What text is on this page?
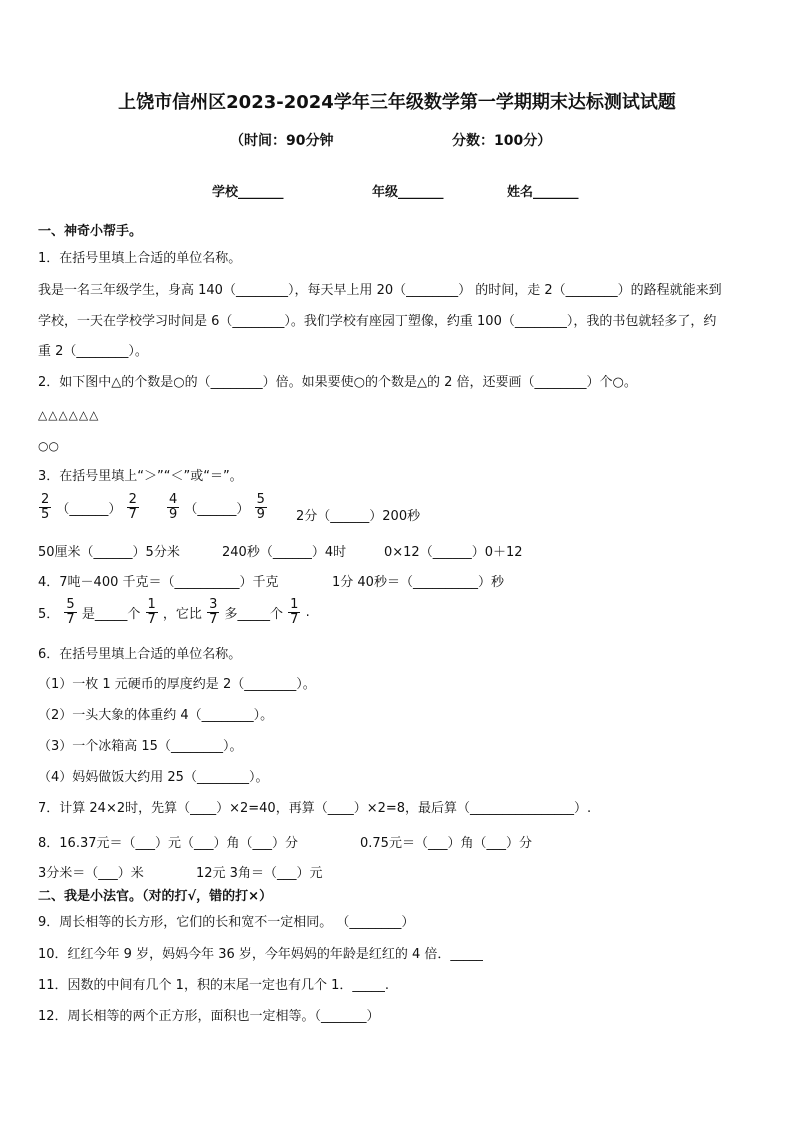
上饶市信州区2023-2024学年三年级数学第一学期期末达标测试试题
（时间：90分钟	分数：100分）
学校_______	年级_______	姓名_______
一、神奇小帮手。
1．在括号里填上合适的单位名称。
我是一名三年级学生，身高 140（________），每天早上用 20（________） 的时间，走 2（________）的路程就能来到
学校，一天在学校学习时间是 6（________）。我们学校有座园丁塑像，约重 100（________），我的书包就轻多了，约
重 2（________）。
2．如下图中△的个数是○的（________）倍。如果要使○的个数是△的 2 倍，还要画（________）个○。
△△△△△△
○○
3．在括号里填上“＞”“＜”或“＝”。
$\frac{2}{5}$ （______） $\frac{2}{7} \frac{4}{9}$ （______） $\frac{5}{9} 2$分（______）200秒
50厘米（______）5分米	240秒（______）4时	0×12（______）0＋12
4．7吨－400 千克＝（__________）千克	1分 40秒＝（__________）秒
5． $\frac{5}{7}$ 是_____个 $\frac{1}{7}$ ，它比 $\frac{3}{7}$ 多_____个 $\frac{1}{7}$ .
6．在括号里填上合适的单位名称。
（1）一枚 1 元硬币的厚度约是 2（________）。
（2）一头大象的体重约 4（________）。
（3）一个冰箱高 15（________）。
（4）妈妈做饭大约用 25（________）。
7．计算 24×2时，先算（____）×2=40，再算（____）×2=8，最后算（________________）.
8．16.37元＝（___）元（___）角（___）分	0.75元＝（___）角（___）分
3分米＝（___）米	12元 3角＝（___）元
二、我是小法官。（对的打√，错的打×）
9．周长相等的长方形，它们的长和宽不一定相同。 （________）
10．红红今年 9 岁，妈妈今年 36 岁，今年妈妈的年龄是红红的 4 倍．_____
11．因数的中间有几个 1，积的末尾一定也有几个 1．_____.
12．周长相等的两个正方形，面积也一定相等。（_______）
